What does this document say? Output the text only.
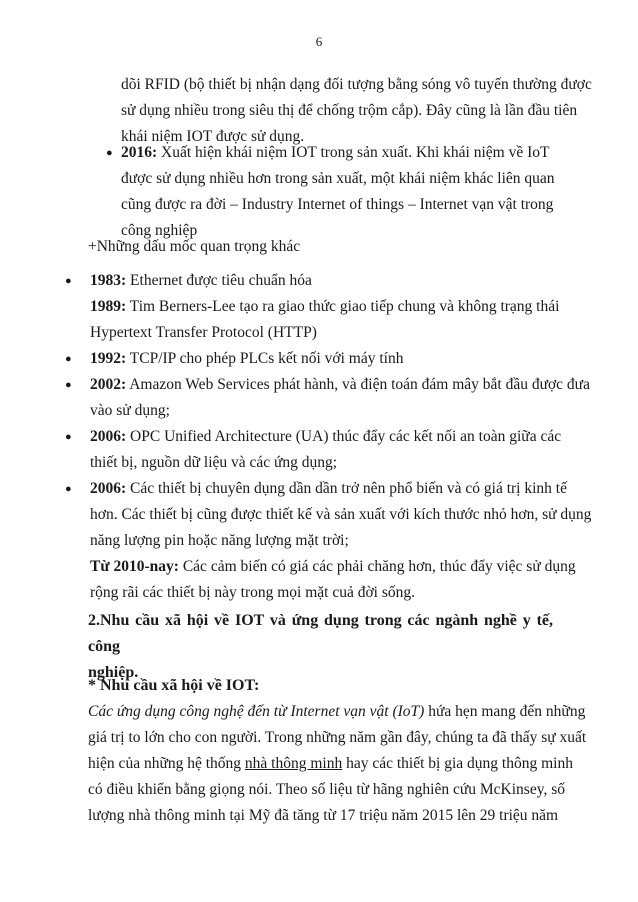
6
dõi RFID (bộ thiết bị nhận dạng đối tượng bằng sóng vô tuyến thường được
sử dụng nhiều trong siêu thị để chống trộm cắp). Đây cũng là lần đầu tiên
khái niệm IOT được sử dụng.
● 2016: Xuất hiện khái niệm IOT trong sản xuất. Khi khái niệm về IoT
được sử dụng nhiều hơn trong sản xuất, một khái niệm khác liên quan
cũng được ra đời – Industry Internet of things – Internet vạn vật trong
công nghiệp
+Những dấu mốc quan trọng khác
● 1983: Ethernet được tiêu chuẩn hóa
1989: Tim Berners-Lee tạo ra giao thức giao tiếp chung và không trạng thái
Hypertext Transfer Protocol (HTTP)
● 1992: TCP/IP cho phép PLCs kết nối với máy tính
● 2002: Amazon Web Services phát hành, và điện toán đám mây bắt đầu được đưa
vào sử dụng;
● 2006: OPC Unified Architecture (UA) thúc đẩy các kết nối an toàn giữa các
thiết bị, nguồn dữ liệu và các ứng dụng;
● 2006: Các thiết bị chuyên dụng dần dần trở nên phổ biến và có giá trị kinh tế
hơn. Các thiết bị cũng được thiết kế và sản xuất với kích thước nhỏ hơn, sử dụng
năng lượng pin hoặc năng lượng mặt trời;
Từ 2010-nay: Các cảm biến có giá các phải chăng hơn, thúc đẩy việc sử dụng
rộng rãi các thiết bị này trong mọi mặt cuả đời sống.
2.Nhu cầu xã hội về IOT và ứng dụng trong các ngành nghề y tế, công
nghiệp.
* Nhu cầu xã hội về IOT:
Các ứng dụng công nghệ đến từ Internet vạn vật (IoT) hứa hẹn mang đến những
giá trị to lớn cho con người. Trong những năm gần đây, chúng ta đã thấy sự xuất
hiện của những hệ thống nhà thông minh hay các thiết bị gia dụng thông minh
có điều khiển bằng giọng nói. Theo số liệu từ hãng nghiên cứu McKinsey, số
lượng nhà thông minh tại Mỹ đã tăng từ 17 triệu năm 2015 lên 29 triệu năm
